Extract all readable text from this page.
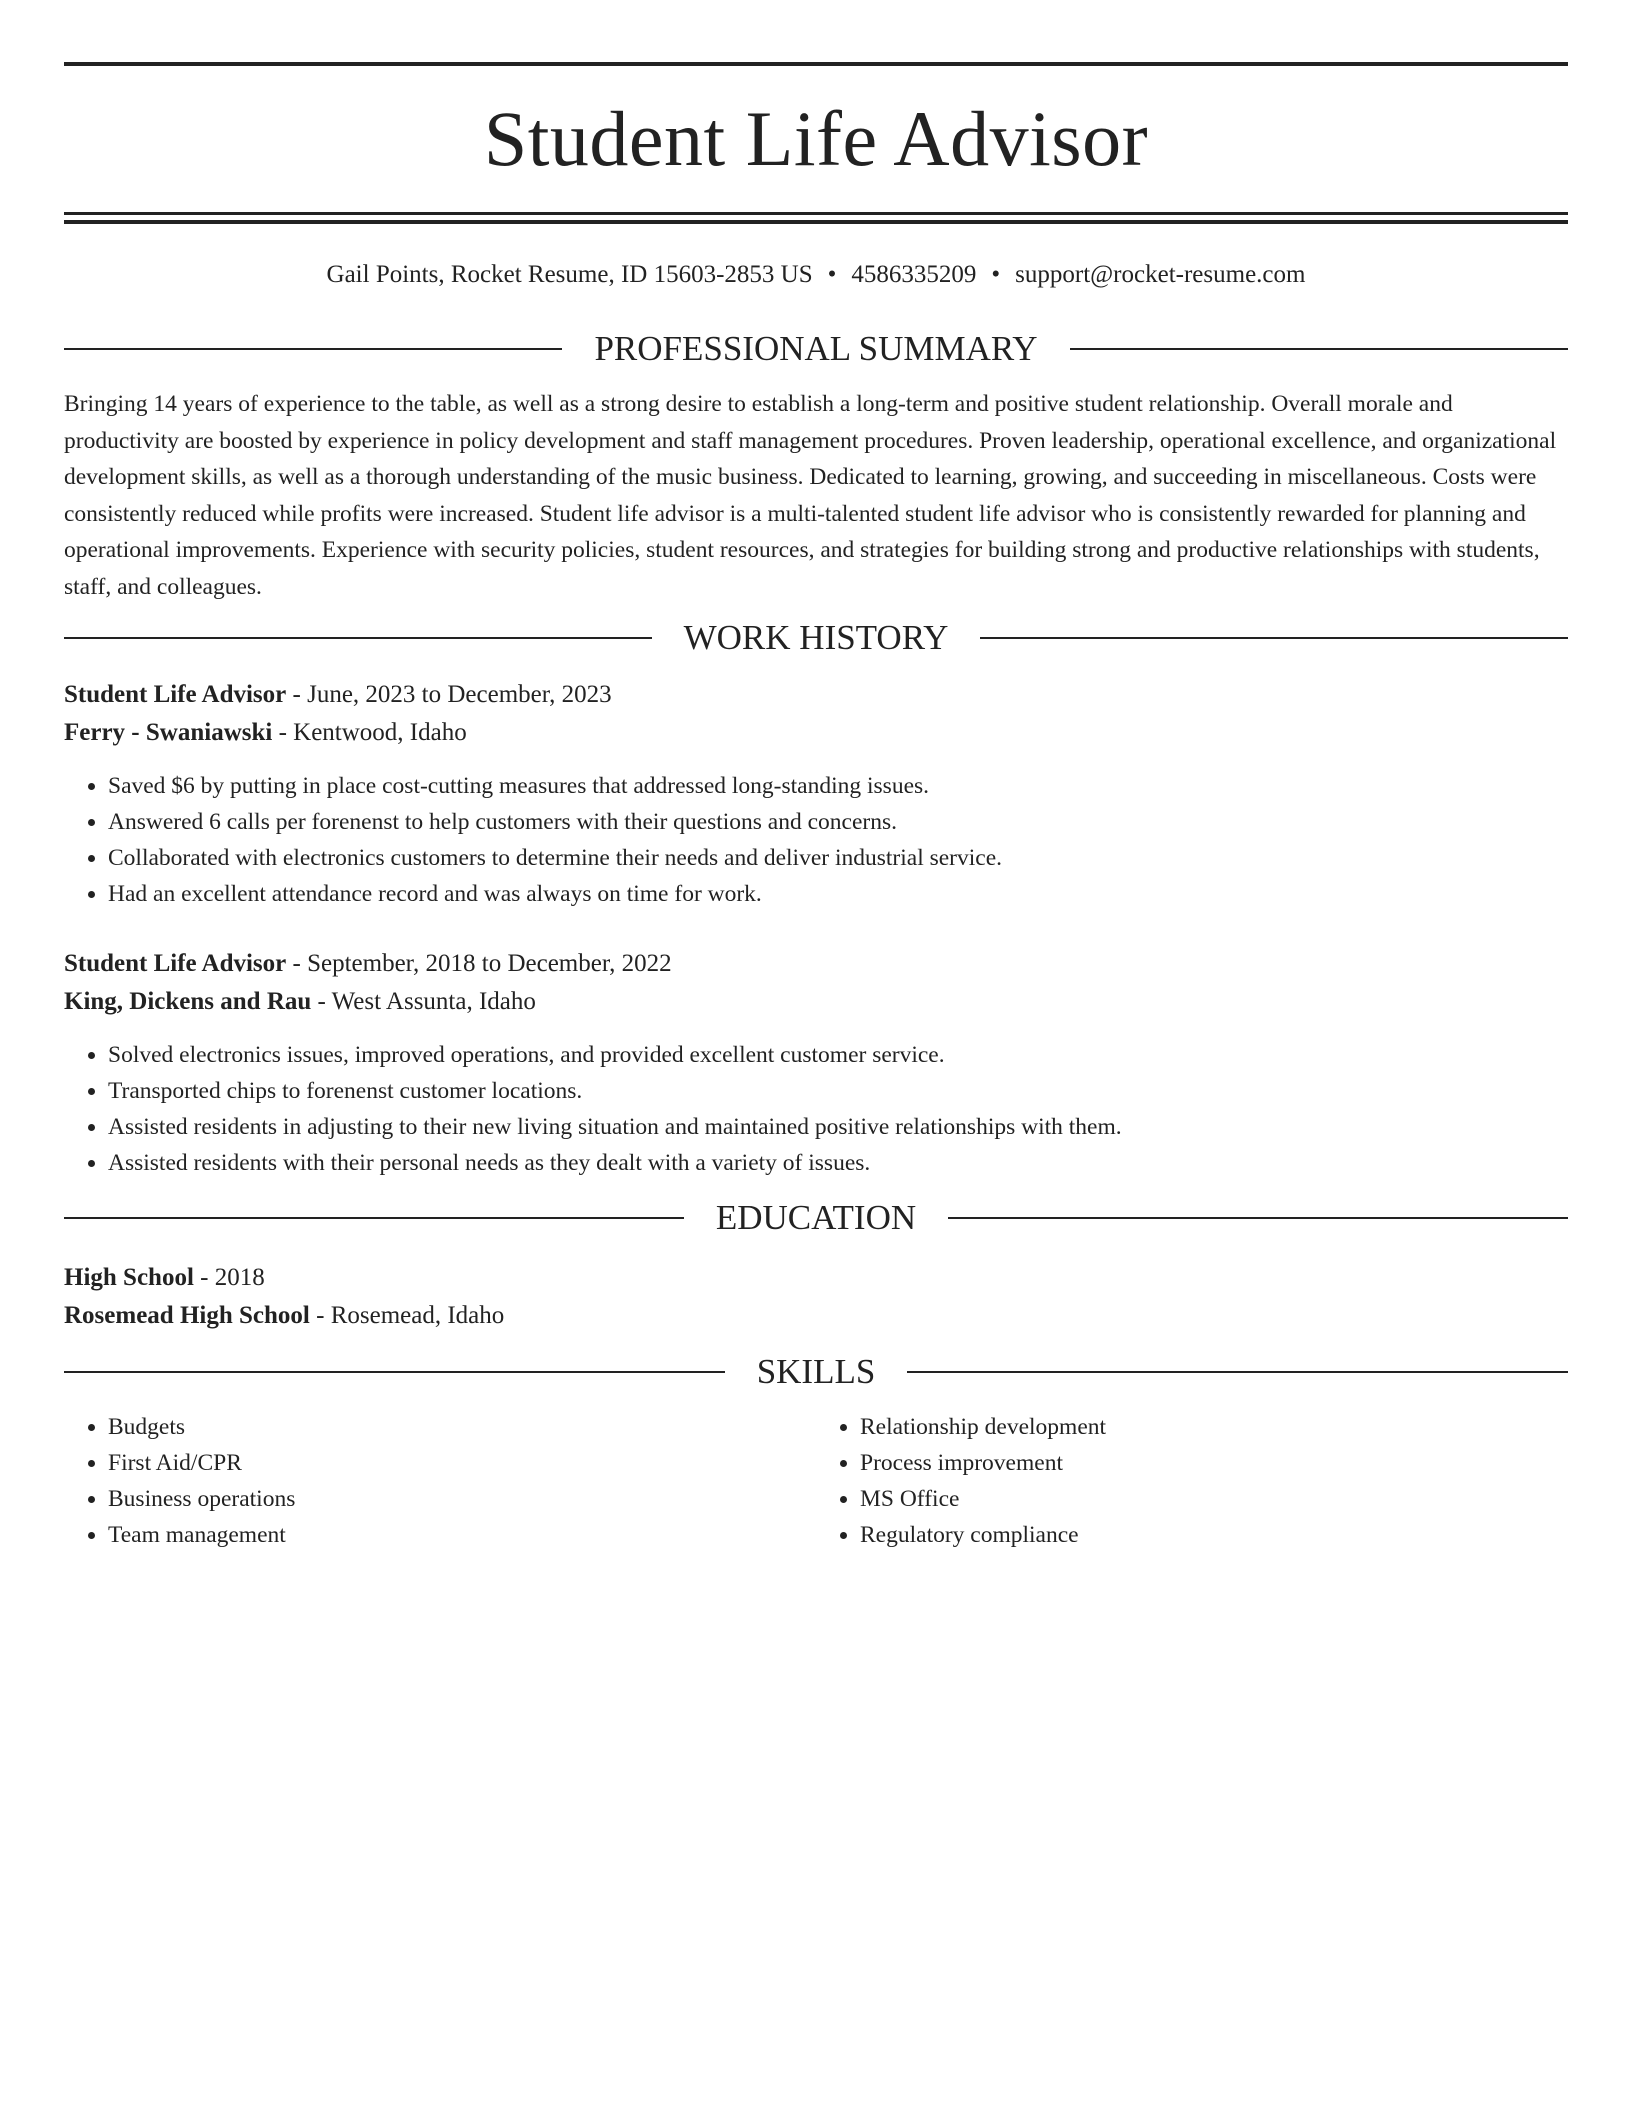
Student Life Advisor
Gail Points, Rocket Resume, ID 15603-2853 US • 4586335209 • support@rocket-resume.com
PROFESSIONAL SUMMARY
Bringing 14 years of experience to the table, as well as a strong desire to establish a long-term and positive student relationship. Overall morale and productivity are boosted by experience in policy development and staff management procedures. Proven leadership, operational excellence, and organizational development skills, as well as a thorough understanding of the music business. Dedicated to learning, growing, and succeeding in miscellaneous. Costs were consistently reduced while profits were increased. Student life advisor is a multi-talented student life advisor who is consistently rewarded for planning and operational improvements. Experience with security policies, student resources, and strategies for building strong and productive relationships with students, staff, and colleagues.
WORK HISTORY
Student Life Advisor - June, 2023 to December, 2023
Ferry - Swaniawski - Kentwood, Idaho
• Saved $6 by putting in place cost-cutting measures that addressed long-standing issues.
• Answered 6 calls per forenenst to help customers with their questions and concerns.
• Collaborated with electronics customers to determine their needs and deliver industrial service.
• Had an excellent attendance record and was always on time for work.
Student Life Advisor - September, 2018 to December, 2022
King, Dickens and Rau - West Assunta, Idaho
• Solved electronics issues, improved operations, and provided excellent customer service.
• Transported chips to forenenst customer locations.
• Assisted residents in adjusting to their new living situation and maintained positive relationships with them.
• Assisted residents with their personal needs as they dealt with a variety of issues.
EDUCATION
High School - 2018
Rosemead High School - Rosemead, Idaho
SKILLS
• Budgets
• First Aid/CPR
• Business operations
• Team management
• Relationship development
• Process improvement
• MS Office
• Regulatory compliance
